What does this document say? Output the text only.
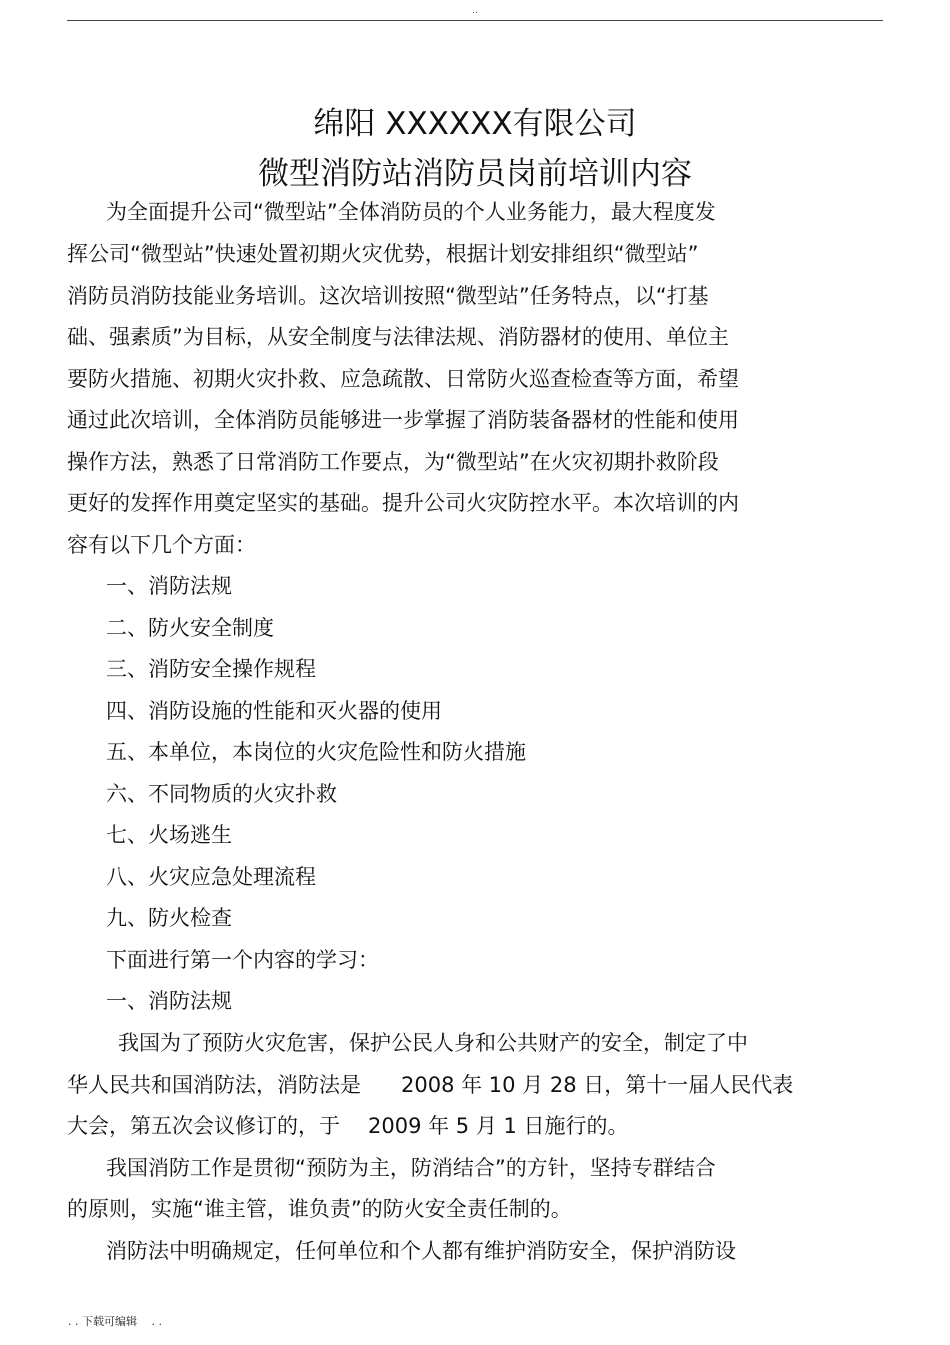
..
绵阳 XXXXXX有限公司
微型消防站消防员岗前培训内容
为全面提升公司“微型站”全体消防员的个人业务能力，最大程度发
挥公司“微型站”快速处置初期火灾优势，根据计划安排组织“微型站”
消防员消防技能业务培训。这次培训按照“微型站”任务特点，以“打基
础、强素质”为目标，从安全制度与法律法规、消防器材的使用、单位主
要防火措施、初期火灾扑救、应急疏散、日常防火巡查检查等方面，希望
通过此次培训，全体消防员能够进一步掌握了消防装备器材的性能和使用
操作方法，熟悉了日常消防工作要点，为“微型站”在火灾初期扑救阶段
更好的发挥作用奠定坚实的基础。提升公司火灾防控水平。本次培训的内
容有以下几个方面：
一、消防法规
二、防火安全制度
三、消防安全操作规程
四、消防设施的性能和灭火器的使用
五、本单位，本岗位的火灾危险性和防火措施
六、不同物质的火灾扑救
七、火场逃生
八、火灾应急处理流程
九、防火检查
下面进行第一个内容的学习：
一、消防法规
我国为了预防火灾危害，保护公民人身和公共财产的安全，制定了中
华人民共和国消防法，消防法是 2008 年 10 月 28 日，第十一届人民代表
大会，第五次会议修订的，于 2009 年 5 月 1 日施行的。
我国消防工作是贯彻“预防为主，防消结合”的方针，坚持专群结合
的原则，实施“谁主管，谁负责”的防火安全责任制的。
消防法中明确规定，任何单位和个人都有维护消防安全，保护消防设
. . 下载可编辑　 . .
